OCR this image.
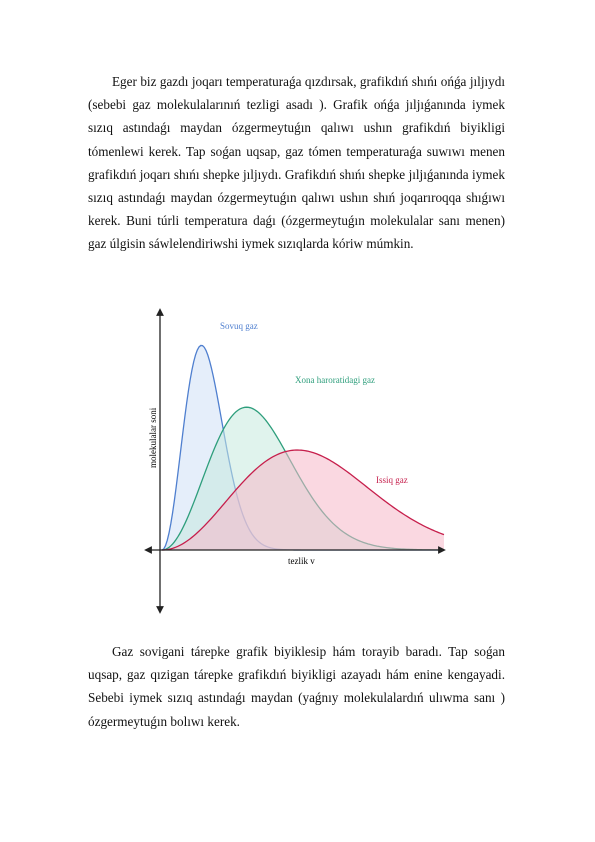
Eger biz gazdı joqarı temperaturaǵa qızdırsak, grafikdıń shıńı ońǵa jıljıydı (sebebi gaz molekulalarınıń tezligi asadı ). Grafik ońǵa jıljıǵanında iymek sızıq astındaǵı maydan ózgermeytuǵın qalıwı ushın grafikdıń biyikligi tómenlewi kerek. Tap soǵan uqsap, gaz tómen temperaturaǵa suwıwı menen grafikdıń joqarı shıńı shepke jıljıydı. Grafikdıń shıńı shepke jıljıǵanında iymek sızıq astındaǵı maydan ózgermeytuǵın qalıwı ushın shıń joqarıroqqa shıǵıwı kerek. Buni túrli temperatura daǵı (ózgermeytuǵın molekulalar sanı menen) gaz úlgisin sáwlelendiriwshi iymek sızıqlarda kóriw múmkin.

tezlik v
molekulalar soni
Sovuq gaz
Xona haroratidagi gaz
Issiq gaz

Gaz sovigani tárepke grafik biyiklesip hám torayib baradı. Tap soǵan uqsap, gaz qızigan tárepke grafikdıń biyikligi azayadı hám enine kengayadi. Sebebi iymek sızıq astındaǵı maydan (yaǵnıy molekulalardıń ulıwma sanı ) ózgermeytuǵın bolıwı kerek.
